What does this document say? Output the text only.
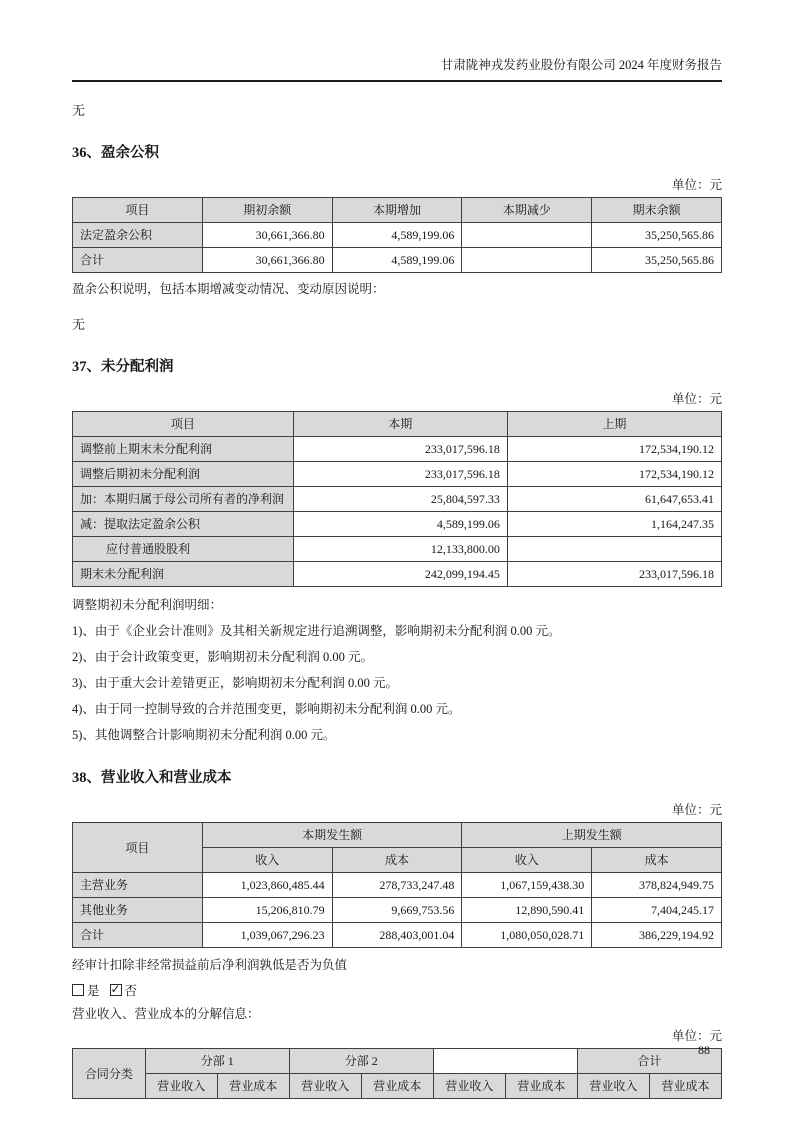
甘肃陇神戎发药业股份有限公司 2024 年度财务报告

无

36、盈余公积
单位：元
项目	期初余额	本期增加	本期减少	期末余额
法定盈余公积	30,661,366.80	4,589,199.06		35,250,565.86
合计	30,661,366.80	4,589,199.06		35,250,565.86

盈余公积说明，包括本期增减变动情况、变动原因说明：

无

37、未分配利润
单位：元
项目	本期	上期
调整前上期末未分配利润	233,017,596.18	172,534,190.12
调整后期初未分配利润	233,017,596.18	172,534,190.12
加：本期归属于母公司所有者的净利润	25,804,597.33	61,647,653.41
减：提取法定盈余公积	4,589,199.06	1,164,247.35
应付普通股股利	12,133,800.00	
期末未分配利润	242,099,194.45	233,017,596.18

调整期初未分配利润明细：

1)、由于《企业会计准则》及其相关新规定进行追溯调整，影响期初未分配利润 0.00 元。

2)、由于会计政策变更，影响期初未分配利润 0.00 元。

3)、由于重大会计差错更正，影响期初未分配利润 0.00 元。

4)、由于同一控制导致的合并范围变更，影响期初未分配利润 0.00 元。

5)、其他调整合计影响期初未分配利润 0.00 元。

38、营业收入和营业成本
单位：元
项目	本期发生额		上期发生额	
	收入	成本	收入	成本
主营业务	1,023,860,485.44	278,733,247.48	1,067,159,438.30	378,824,949.75
其他业务	15,206,810.79	9,669,753.56	12,890,590.41	7,404,245.17
合计	1,039,067,296.23	288,403,001.04	1,080,050,028.71	386,229,194.92

经审计扣除非经常损益前后净利润孰低是否为负值

是 ✓ 否

营业收入、营业成本的分解信息：

单位：元
合同分类	分部 1		分部 2				合计	
	营业收入	营业成本	营业收入	营业成本	营业收入	营业成本	营业收入	营业成本
88
